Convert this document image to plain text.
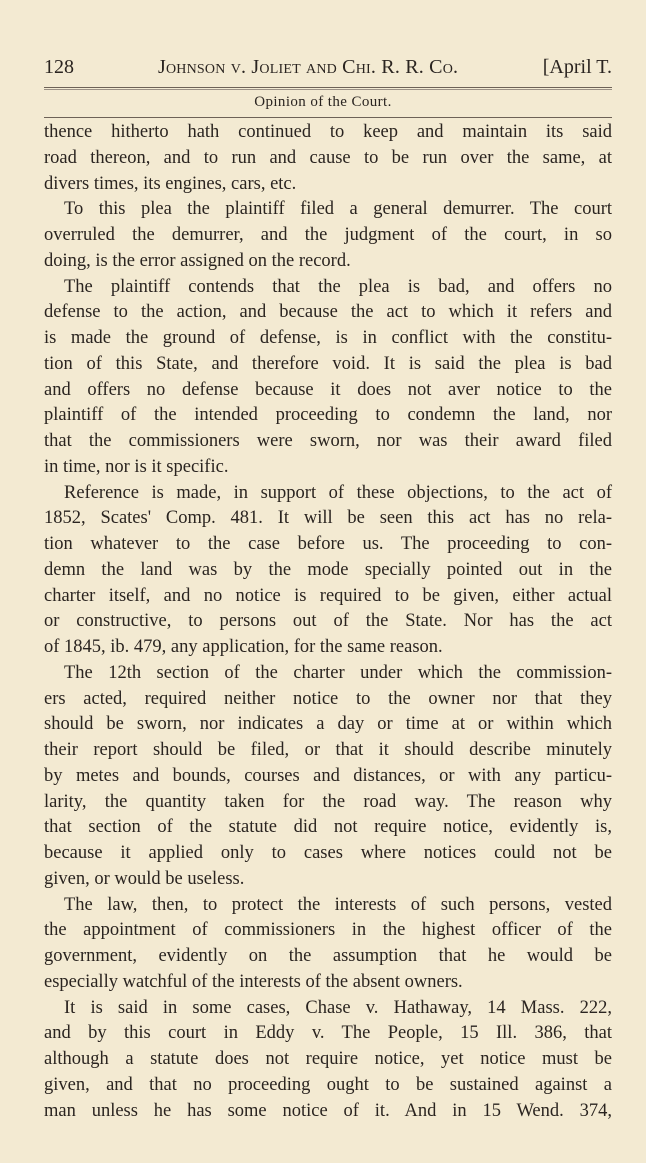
128	Johnson v. Joliet and Chi. R. R. Co.	[April T.
Opinion of the Court.
thence hitherto hath continued to keep and maintain its said
road thereon, and to run and cause to be run over the same, at
divers times, its engines, cars, etc.
To this plea the plaintiff filed a general demurrer. The court
overruled the demurrer, and the judgment of the court, in so
doing, is the error assigned on the record.
The plaintiff contends that the plea is bad, and offers no
defense to the action, and because the act to which it refers and
is made the ground of defense, is in conflict with the constitu-
tion of this State, and therefore void. It is said the plea is bad
and offers no defense because it does not aver notice to the
plaintiff of the intended proceeding to condemn the land, nor
that the commissioners were sworn, nor was their award filed
in time, nor is it specific.
Reference is made, in support of these objections, to the act of
1852, Scates' Comp. 481. It will be seen this act has no rela-
tion whatever to the case before us. The proceeding to con-
demn the land was by the mode specially pointed out in the
charter itself, and no notice is required to be given, either actual
or constructive, to persons out of the State. Nor has the act
of 1845, ib. 479, any application, for the same reason.
The 12th section of the charter under which the commission-
ers acted, required neither notice to the owner nor that they
should be sworn, nor indicates a day or time at or within which
their report should be filed, or that it should describe minutely
by metes and bounds, courses and distances, or with any particu-
larity, the quantity taken for the road way. The reason why
that section of the statute did not require notice, evidently is,
because it applied only to cases where notices could not be
given, or would be useless.
The law, then, to protect the interests of such persons, vested
the appointment of commissioners in the highest officer of the
government, evidently on the assumption that he would be
especially watchful of the interests of the absent owners.
It is said in some cases, Chase v. Hathaway, 14 Mass. 222,
and by this court in Eddy v. The People, 15 Ill. 386, that
although a statute does not require notice, yet notice must be
given, and that no proceeding ought to be sustained against a
man unless he has some notice of it. And in 15 Wend. 374,
